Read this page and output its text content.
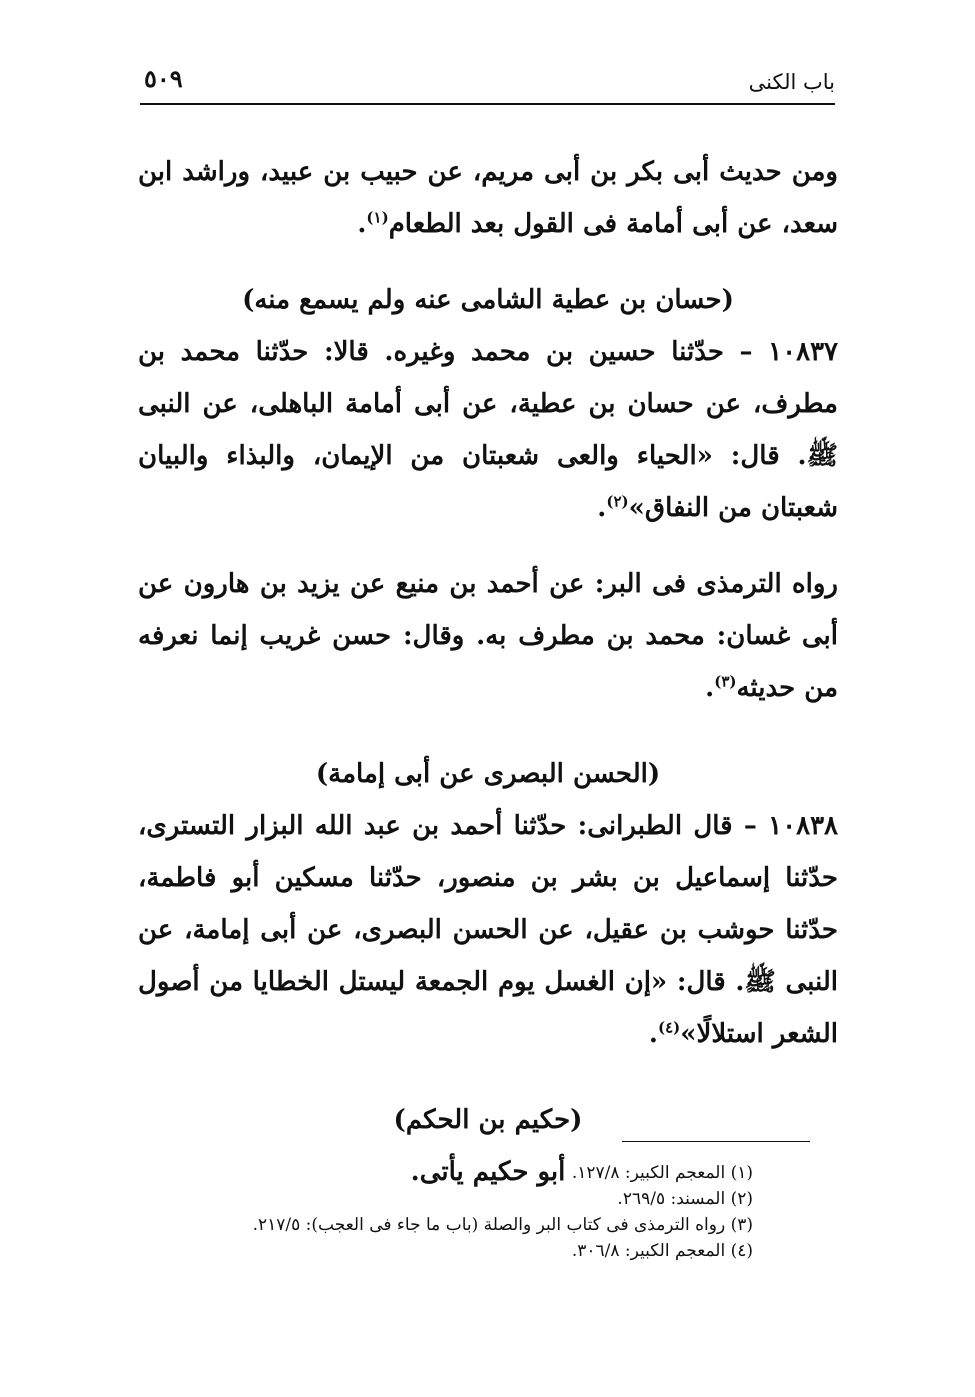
باب الكنى
٥٠٩

ومن حديث أبى بكر بن أبى مريم، عن حبيب بن عبيد، وراشد ابن سعد، عن أبى أمامة فى القول بعد الطعام$^{(١)}$.

(حسان بن عطية الشامى عنه ولم يسمع منه)

١٠٨٣٧ – حدّثنا حسين بن محمد وغيره. قالا: حدّثنا محمد بن مطرف، عن حسان بن عطية، عن أبى أمامة الباهلى، عن النبى ﷺ. قال: «الحياء والعى شعبتان من الإيمان، والبذاء والبيان شعبتان من النفاق»$^{(٢)}$.

رواه الترمذى فى البر: عن أحمد بن منيع عن يزيد بن هارون عن أبى غسان: محمد بن مطرف به. وقال: حسن غريب إنما نعرفه من حديثه$^{(٣)}$.

(الحسن البصرى عن أبى إمامة)

١٠٨٣٨ – قال الطبرانى: حدّثنا أحمد بن عبد الله البزار التسترى، حدّثنا إسماعيل بن بشر بن منصور، حدّثنا مسكين أبو فاطمة، حدّثنا حوشب بن عقيل، عن الحسن البصرى، عن أبى إمامة، عن النبى ﷺ. قال: «إن الغسل يوم الجمعة ليستل الخطايا من أصول الشعر استلالًا»$^{(٤)}$.

(حكيم بن الحكم)

أبو حكيم يأتى. (١) المعجم الكبير: ١٢٧/٨.
(٢) المسند: ٢٦٩/٥.
(٣) رواه الترمذى فى كتاب البر والصلة (باب ما جاء فى العجب): ٢١٧/٥.
(٤) المعجم الكبير: ٣٠٦/٨.
